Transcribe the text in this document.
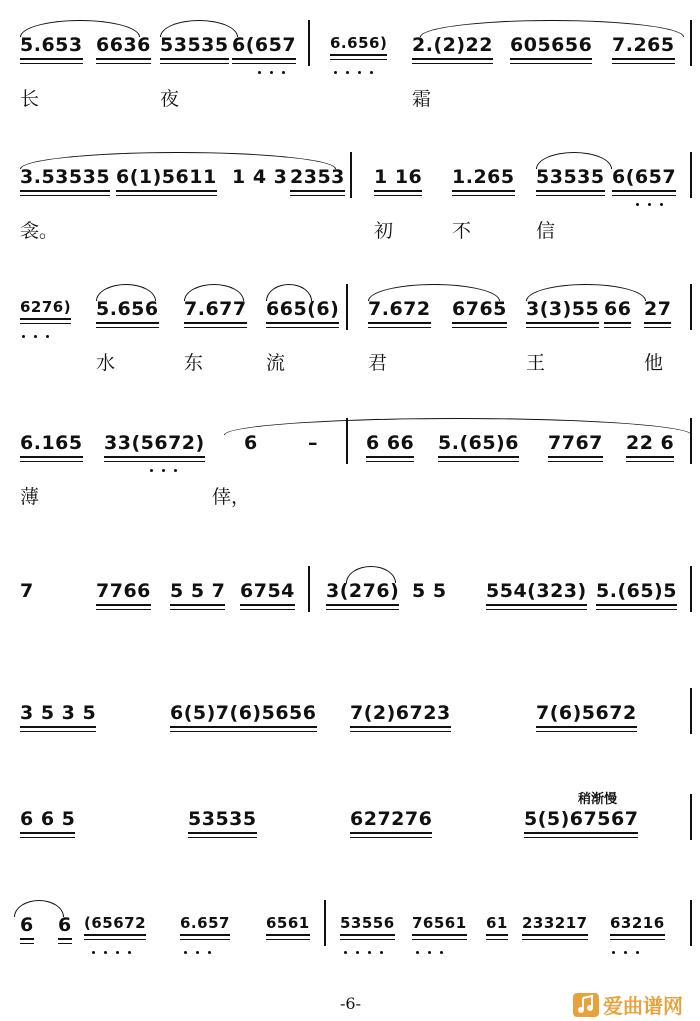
5.653 6636 53535 6(657 6.656) 2.(2)22 605656 7.265
长	夜	霜
3.53535 6(1)5611 1 4 3 2353 1 16 1.265 53535 6(657
衾。	初	不	信
6276) 5.656 7.677 665(6) 7.672 6765 3(3)55 66 27
水	东	流	君	王	他
6.165 33(5672) 6	–	6 66 5.(65)6 7767 22 6
薄	倖，
7	7766 5 5 7 6754 3(276) 5 5 554(323) 5.(65)5
3 5 3 5	6(5)7(6)5656 7(2)6723	7(6)5672
稍渐慢
6 6 5	53535	627276	5(5)67567
6 6 (65672 6.657 6561 53556 76561 61 233217 63216
-6-	爱曲谱网
